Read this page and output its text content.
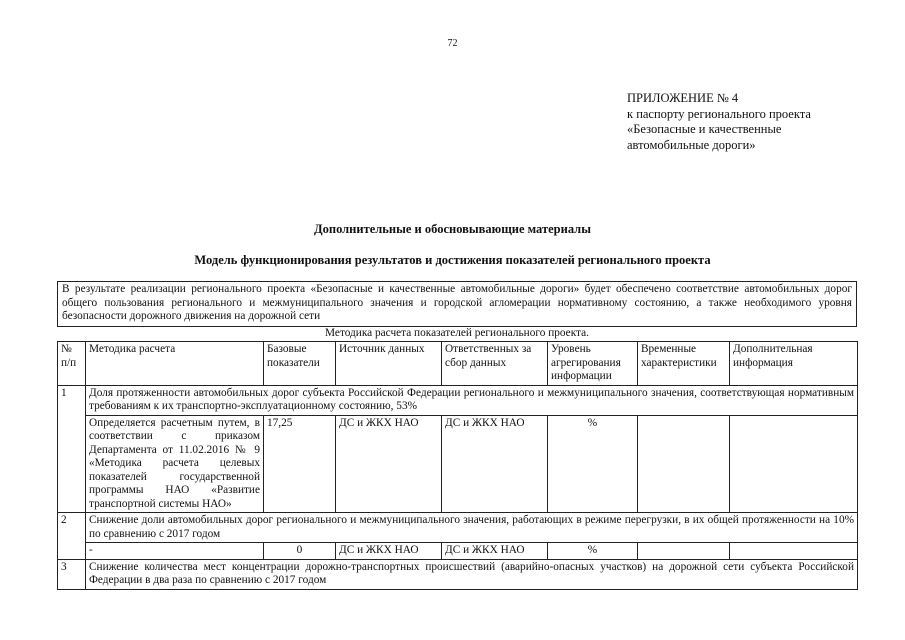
72
ПРИЛОЖЕНИЕ № 4
к паспорту регионального проекта
«Безопасные и качественные
автомобильные дороги»
Дополнительные и обосновывающие материалы
Модель функционирования результатов и достижения показателей регионального проекта
В результате реализации регионального проекта «Безопасные и качественные автомобильные дороги» будет обеспечено соответствие автомобильных дорог общего пользования регионального и межмуниципального значения и городской агломерации нормативному состоянию, а также необходимого уровня безопасности дорожного движения на дорожной сети
Методика расчета показателей регионального проекта.
№ п/п	Методика расчета	Базовые показатели	Источник данных	Ответственных за сбор данных	Уровень агрегирования информации	Временные характеристики	Дополнительная информация
1	Доля протяженности автомобильных дорог субъекта Российской Федерации регионального и межмуниципального значения, соответствующая нормативным требованиям к их транспортно-эксплуатационному состоянию, 53%						
	Определяется расчетным путем, в соответствии с приказом Департамента от 11.02.2016 № 9 «Методика расчета целевых показателей государственной программы НАО «Развитие транспортной системы НАО»	17,25	ДС и ЖКХ НАО	ДС и ЖКХ НАО	%		
2	Снижение доли автомобильных дорог регионального и межмуниципального значения, работающих в режиме перегрузки, в их общей протяженности на 10% по сравнению с 2017 годом						
	-	0	ДС и ЖКХ НАО	ДС и ЖКХ НАО	%		
3	Снижение количества мест концентрации дорожно-транспортных происшествий (аварийно-опасных участков) на дорожной сети субъекта Российской Федерации в два раза по сравнению с 2017 годом						
